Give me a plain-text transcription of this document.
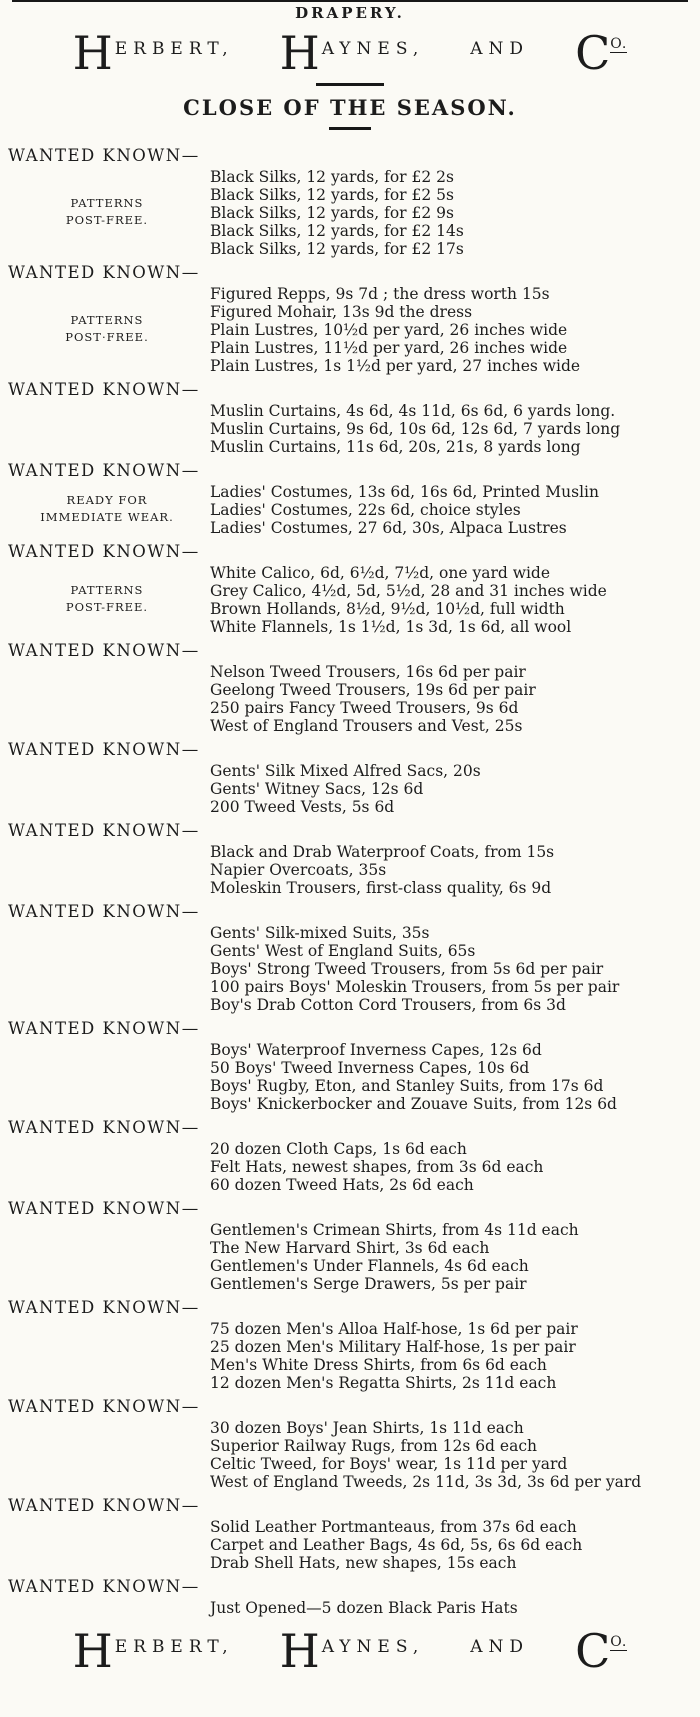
DRAPERY.
H ERBERT, H AYNES,	AND C O.
CLOSE OF THE SEASON.
WANTED KNOWN—
PATTERNS
POST-FREE.
Black Silks, 12 yards, for £2 2s
Black Silks, 12 yards, for £2 5s
Black Silks, 12 yards, for £2 9s
Black Silks, 12 yards, for £2 14s
Black Silks, 12 yards, for £2 17s
WANTED KNOWN—
PATTERNS
POST·FREE.
Figured Repps, 9s 7d ; the dress worth 15s
Figured Mohair, 13s 9d the dress
Plain Lustres, 10½d per yard, 26 inches wide
Plain Lustres, 11½d per yard, 26 inches wide
Plain Lustres, 1s 1½d per yard, 27 inches wide
WANTED KNOWN—
Muslin Curtains, 4s 6d, 4s 11d, 6s 6d, 6 yards long.
Muslin Curtains, 9s 6d, 10s 6d, 12s 6d, 7 yards long
Muslin Curtains, 11s 6d, 20s, 21s, 8 yards long
WANTED KNOWN—
READY FOR
IMMEDIATE WEAR.
Ladies' Costumes, 13s 6d, 16s 6d, Printed Muslin
Ladies' Costumes, 22s 6d, choice styles
Ladies' Costumes, 27 6d, 30s, Alpaca Lustres
WANTED KNOWN—
PATTERNS
POST-FREE.
White Calico, 6d, 6½d, 7½d, one yard wide
Grey Calico, 4½d, 5d, 5½d, 28 and 31 inches wide
Brown Hollands, 8½d, 9½d, 10½d, full width
White Flannels, 1s 1½d, 1s 3d, 1s 6d, all wool
WANTED KNOWN—
Nelson Tweed Trousers, 16s 6d per pair
Geelong Tweed Trousers, 19s 6d per pair
250 pairs Fancy Tweed Trousers, 9s 6d
West of England Trousers and Vest, 25s
WANTED KNOWN—
Gents' Silk Mixed Alfred Sacs, 20s
Gents' Witney Sacs, 12s 6d
200 Tweed Vests, 5s 6d
WANTED KNOWN—
Black and Drab Waterproof Coats, from 15s
Napier Overcoats, 35s
Moleskin Trousers, first-class quality, 6s 9d
WANTED KNOWN—
Gents' Silk-mixed Suits, 35s
Gents' West of England Suits, 65s
Boys' Strong Tweed Trousers, from 5s 6d per pair
100 pairs Boys' Moleskin Trousers, from 5s per pair
Boy's Drab Cotton Cord Trousers, from 6s 3d
WANTED KNOWN—
Boys' Waterproof Inverness Capes, 12s 6d
50 Boys' Tweed Inverness Capes, 10s 6d
Boys' Rugby, Eton, and Stanley Suits, from 17s 6d
Boys' Knickerbocker and Zouave Suits, from 12s 6d
WANTED KNOWN—
20 dozen Cloth Caps, 1s 6d each
Felt Hats, newest shapes, from 3s 6d each
60 dozen Tweed Hats, 2s 6d each
WANTED KNOWN—
Gentlemen's Crimean Shirts, from 4s 11d each
The New Harvard Shirt, 3s 6d each
Gentlemen's Under Flannels, 4s 6d each
Gentlemen's Serge Drawers, 5s per pair
WANTED KNOWN—
75 dozen Men's Alloa Half-hose, 1s 6d per pair
25 dozen Men's Military Half-hose, 1s per pair
Men's White Dress Shirts, from 6s 6d each
12 dozen Men's Regatta Shirts, 2s 11d each
WANTED KNOWN—
30 dozen Boys' Jean Shirts, 1s 11d each
Superior Railway Rugs, from 12s 6d each
Celtic Tweed, for Boys' wear, 1s 11d per yard
West of England Tweeds, 2s 11d, 3s 3d, 3s 6d per yard
WANTED KNOWN—
Solid Leather Portmanteaus, from 37s 6d each
Carpet and Leather Bags, 4s 6d, 5s, 6s 6d each
Drab Shell Hats, new shapes, 15s each
WANTED KNOWN—
Just Opened—5 dozen Black Paris Hats
H ERBERT, H AYNES,	AND C O.
